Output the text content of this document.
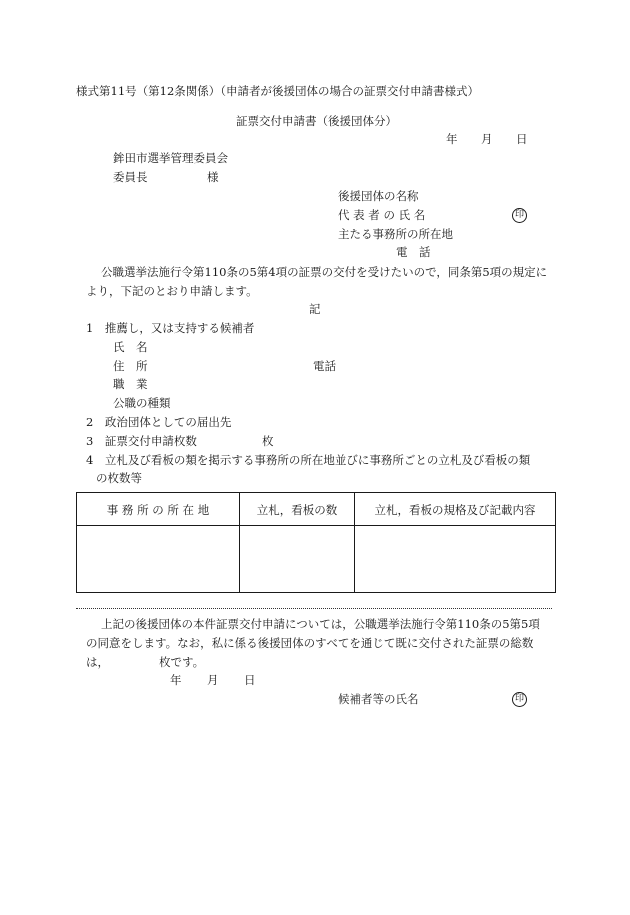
様式第11号（第12条関係）（申請者が後援団体の場合の証票交付申請書様式）
証票交付申請書（後援団体分）
年 月 日
鉾田市選挙管理委員会
委員長	様
後援団体の名称
代 表 者 の 氏 名	印
主たる事務所の所在地
電　話
公職選挙法施行令第110条の5第4項の証票の交付を受けたいので，同条第5項の規定に
より，下記のとおり申請します。
記
1　推薦し，又は支持する候補者
氏　名
住　所	電話
職　業
公職の種類
2　政治団体としての届出先
3　証票交付申請枚数	枚
4　立札及び看板の類を掲示する事務所の所在地並びに事務所ごとの立札及び看板の類
の枚数等
事 務 所 の 所 在 地	立札，看板の数	立札，看板の規格及び記載内容
上記の後援団体の本件証票交付申請については，公職選挙法施行令第110条の5第5項
の同意をします。なお，私に係る後援団体のすべてを通じて既に交付された証票の総数
は，	枚です。
年 月 日
候補者等の氏名	印
